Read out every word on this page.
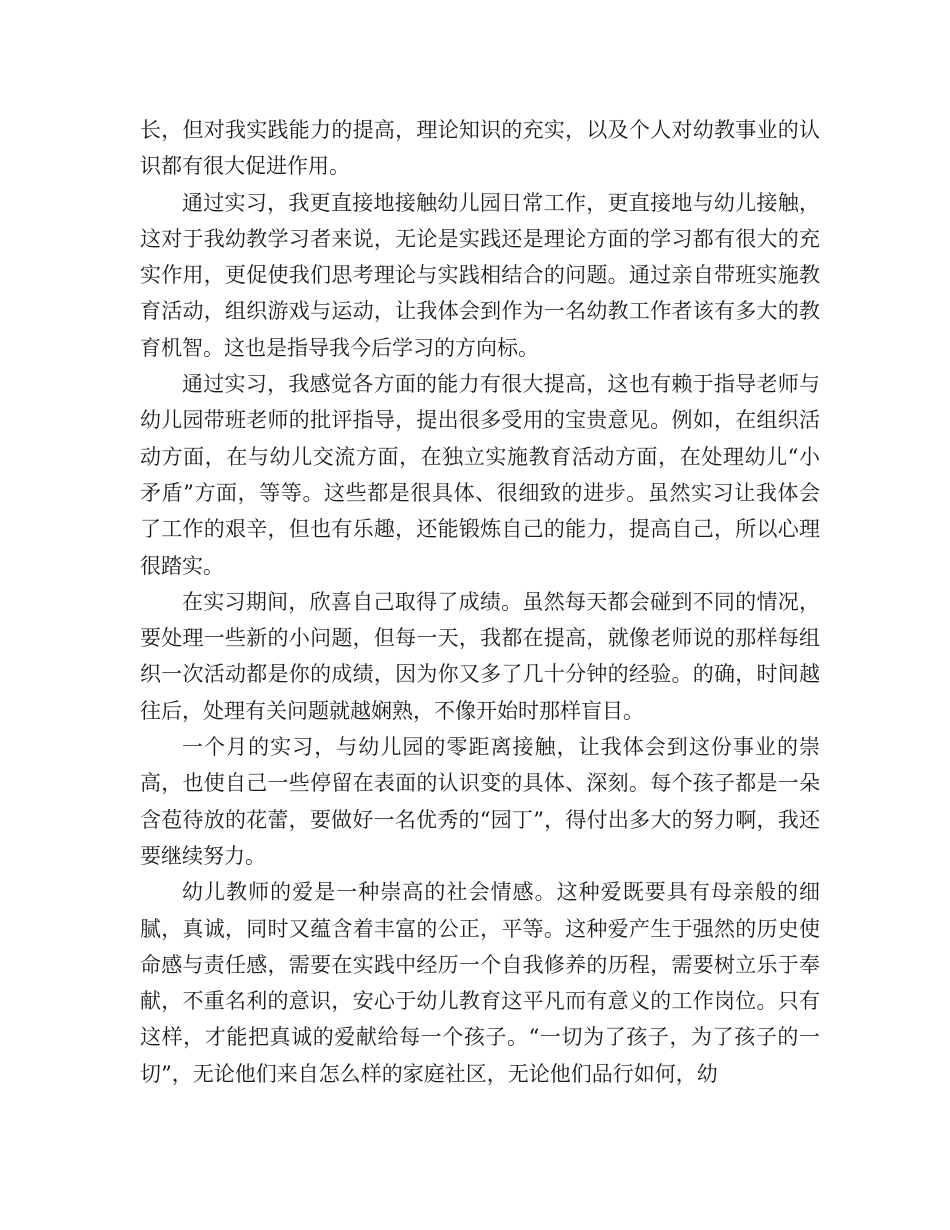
长，但对我实践能力的提高，理论知识的充实，以及个人对幼教事业的认识都有很大促进作用。

通过实习，我更直接地接触幼儿园日常工作，更直接地与幼儿接触，这对于我幼教学习者来说，无论是实践还是理论方面的学习都有很大的充实作用，更促使我们思考理论与实践相结合的问题。通过亲自带班实施教育活动，组织游戏与运动，让我体会到作为一名幼教工作者该有多大的教育机智。这也是指导我今后学习的方向标。

通过实习，我感觉各方面的能力有很大提高，这也有赖于指导老师与幼儿园带班老师的批评指导，提出很多受用的宝贵意见。例如，在组织活动方面，在与幼儿交流方面，在独立实施教育活动方面，在处理幼儿“小矛盾”方面，等等。这些都是很具体、很细致的进步。虽然实习让我体会了工作的艰辛，但也有乐趣，还能锻炼自己的能力，提高自己，所以心理很踏实。

在实习期间，欣喜自己取得了成绩。虽然每天都会碰到不同的情况，要处理一些新的小问题，但每一天，我都在提高，就像老师说的那样每组织一次活动都是你的成绩，因为你又多了几十分钟的经验。的确，时间越往后，处理有关问题就越娴熟，不像开始时那样盲目。

一个月的实习，与幼儿园的零距离接触，让我体会到这份事业的崇高，也使自己一些停留在表面的认识变的具体、深刻。每个孩子都是一朵含苞待放的花蕾，要做好一名优秀的“园丁”，得付出多大的努力啊，我还要继续努力。

幼儿教师的爱是一种崇高的社会情感。这种爱既要具有母亲般的细腻，真诚，同时又蕴含着丰富的公正，平等。这种爱产生于强然的历史使命感与责任感，需要在实践中经历一个自我修养的历程，需要树立乐于奉献，不重名利的意识，安心于幼儿教育这平凡而有意义的工作岗位。只有这样，才能把真诚的爱献给每一个孩子。“一切为了孩子，为了孩子的一切”，无论他们来自怎么样的家庭社区，无论他们品行如何，幼
